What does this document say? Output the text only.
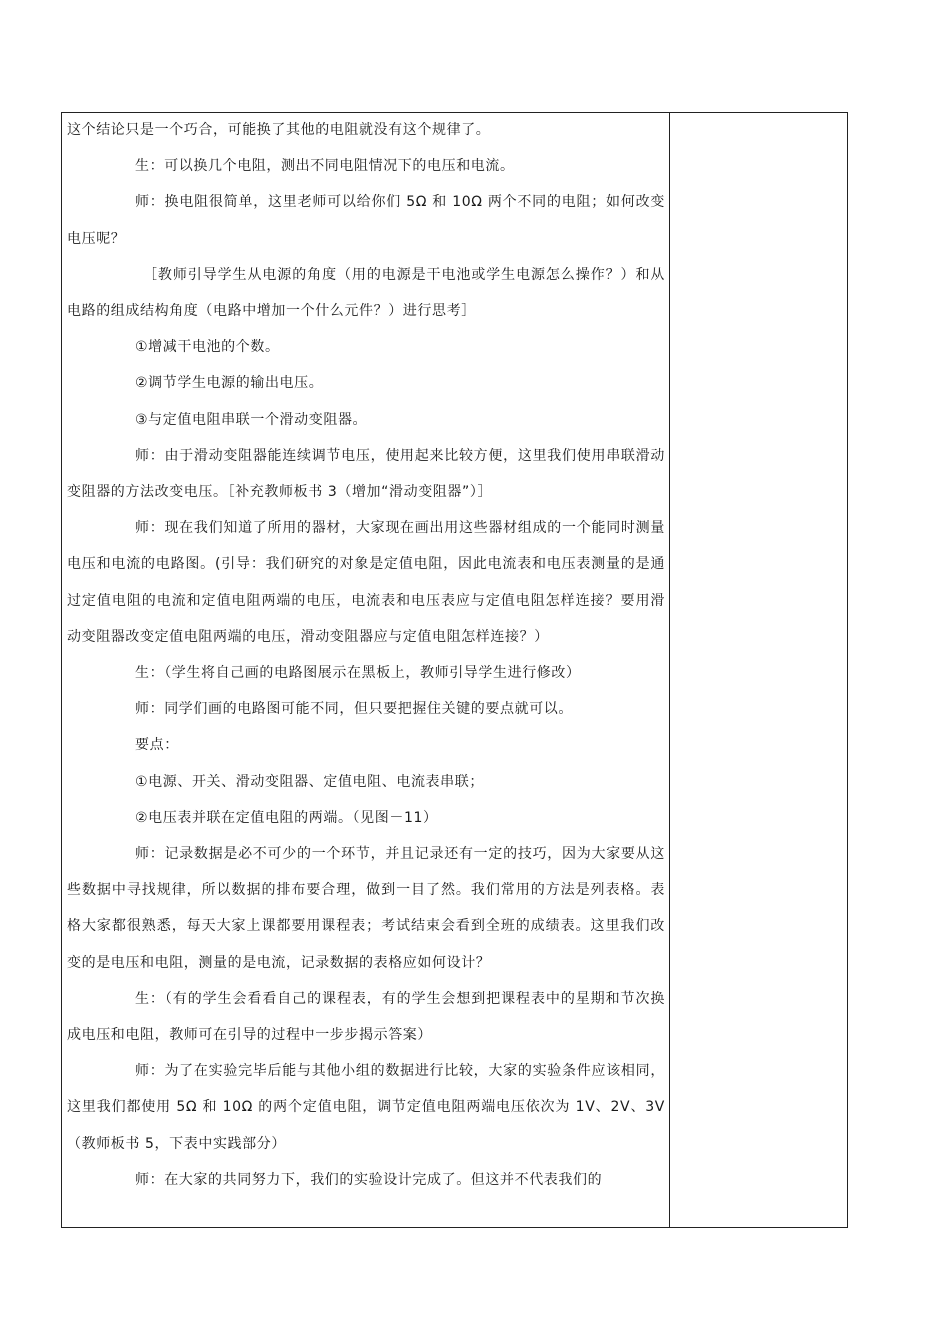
这个结论只是一个巧合，可能换了其他的电阻就没有这个规律了。

生：可以换几个电阻，测出不同电阻情况下的电压和电流。

师：换电阻很简单，这里老师可以给你们 5Ω 和 10Ω 两个不同的电阻；如何改变电压呢？

［教师引导学生从电源的角度（用的电源是干电池或学生电源怎么操作？）和从电路的组成结构角度（电路中增加一个什么元件？）进行思考］

①增减干电池的个数。

②调节学生电源的输出电压。

③与定值电阻串联一个滑动变阻器。

师：由于滑动变阻器能连续调节电压，使用起来比较方便，这里我们使用串联滑动变阻器的方法改变电压。［补充教师板书 3（增加“滑动变阻器”）］

师：现在我们知道了所用的器材，大家现在画出用这些器材组成的一个能同时测量电压和电流的电路图。(引导：我们研究的对象是定值电阻，因此电流表和电压表测量的是通过定值电阻的电流和定值电阻两端的电压，电流表和电压表应与定值电阻怎样连接？要用滑动变阻器改变定值电阻两端的电压，滑动变阻器应与定值电阻怎样连接？）

生：（学生将自己画的电路图展示在黑板上，教师引导学生进行修改）

师：同学们画的电路图可能不同，但只要把握住关键的要点就可以。

要点：

①电源、开关、滑动变阻器、定值电阻、电流表串联；

②电压表并联在定值电阻的两端。（见图－11）

师：记录数据是必不可少的一个环节，并且记录还有一定的技巧，因为大家要从这些数据中寻找规律，所以数据的排布要合理，做到一目了然。我们常用的方法是列表格。表格大家都很熟悉，每天大家上课都要用课程表；考试结束会看到全班的成绩表。这里我们改变的是电压和电阻，测量的是电流，记录数据的表格应如何设计？

生：（有的学生会看看自己的课程表，有的学生会想到把课程表中的星期和节次换成电压和电阻，教师可在引导的过程中一步步揭示答案）

师：为了在实验完毕后能与其他小组的数据进行比较，大家的实验条件应该相同，这里我们都使用 5Ω 和 10Ω 的两个定值电阻，调节定值电阻两端电压依次为 1V、2V、3V（教师板书 5，下表中实践部分）

师：在大家的共同努力下，我们的实验设计完成了。但这并不代表我们的
